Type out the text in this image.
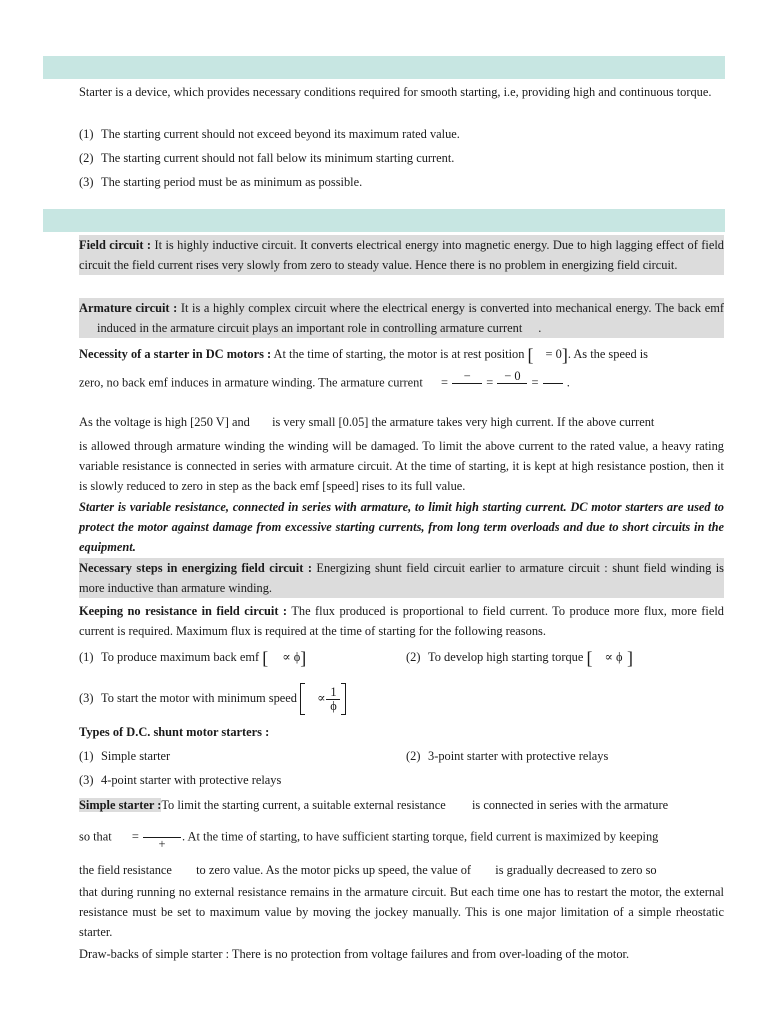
Starter is a device, which provides necessary conditions required for smooth starting, i.e, providing high and continuous torque.
(1) The starting current should not exceed beyond its maximum rated value.
(2) The starting current should not fall below its minimum starting current.
(3) The starting period must be as minimum as possible.
Field circuit : It is highly inductive circuit. It converts electrical energy into magnetic energy. Due to high lagging effect of field circuit the field current rises very slowly from zero to steady value. Hence there is no problem in energizing field circuit.
Armature circuit : It is a highly complex circuit where the electrical energy is converted into mechanical energy. The back emfinduced in the armature circuit plays an important role in controlling armature current .
Necessity of a starter in DC motors : At the time of starting, the motor is at rest position [ = 0]. As the speed is
zero, no back emf induces in armature winding. The armature current =	−
	= − 0
=

.
As the voltage is high [250 V] and is very small [0.05] the armature takes very high current. If the above current
is allowed through armature winding the winding will be damaged. To limit the above current to the rated value, a heavy rating variable resistance is connected in series with armature circuit. At the time of starting, it is kept at high resistance postion, then it is slowly reduced to zero in step as the back emf [speed] rises to its full value.
Starter is variable resistance, connected in series with armature, to limit high starting current. DC motor starters are used to protect the motor against damage from excessive starting currents, from long term overloads and due to short circuits in the equipment.
Necessary steps in energizing field circuit : Energizing shunt field circuit earlier to armature circuit : shunt field winding is more inductive than armature winding.
Keeping no resistance in field circuit : The flux produced is proportional to field current. To produce more flux, more field current is required. Maximum flux is required at the time of starting for the following reasons.
(1) To produce maximum back emf [ ∝ ϕ]	(2) To develop high starting torque [ ∝ ϕ ]
(3) To start the motor with minimum speed ∝ $\frac{1}{\phi}$
Types of D.C. shunt motor starters :
(1) Simple starter	(2) 3-point starter with protective relays
(3) 4-point starter with protective relays
Simple starter :To limit the starting current, a suitable external resistance is connected in series with the armature
so that =

+
. At the time of starting, to have sufficient starting torque, field current is maximized by keeping
the field resistance to zero value. As the motor picks up speed, the value of is gradually decreased to zero so
that during running no external resistance remains in the armature circuit. But each time one has to restart the motor, the external resistance must be set to maximum value by moving the jockey manually. This is one major limitation of a simple rheostatic starter.
Draw-backs of simple starter : There is no protection from voltage failures and from over-loading of the motor.
